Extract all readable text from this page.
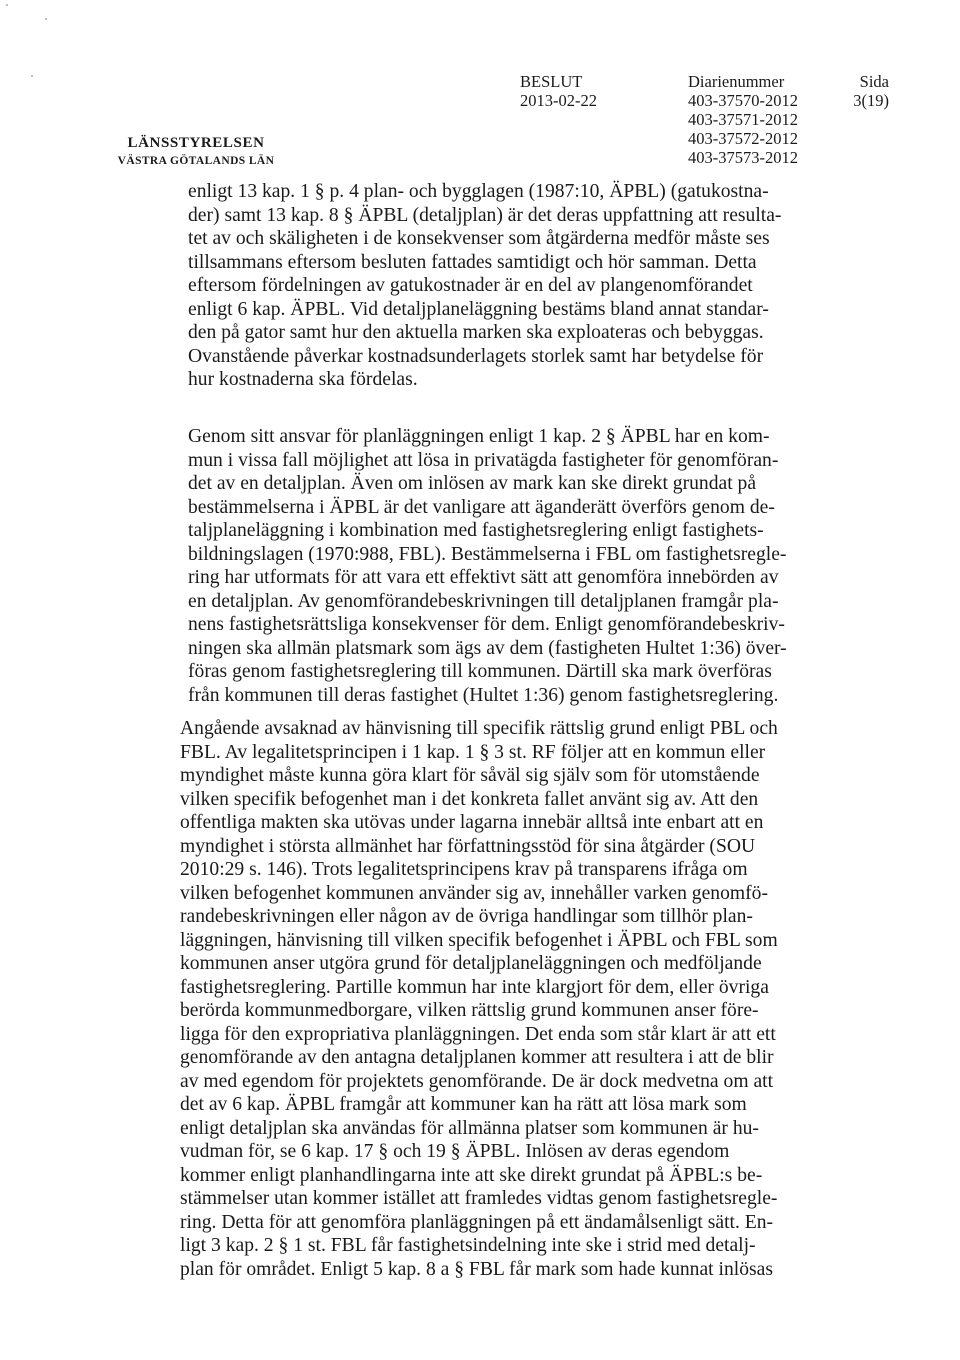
LÄNSSTYRELSEN
VÄSTRA GÖTALANDS LÄN
BESLUT
2013-02-22
Diarienummer
403-37570-2012
403-37571-2012
403-37572-2012
403-37573-2012
Sida
3(19)
enligt 13 kap. 1 § p. 4 plan- och bygglagen (1987:10, ÄPBL) (gatukostna-
der) samt 13 kap. 8 § ÄPBL (detaljplan) är det deras uppfattning att resulta-
tet av och skäligheten i de konsekvenser som åtgärderna medför måste ses
tillsammans eftersom besluten fattades samtidigt och hör samman. Detta
eftersom fördelningen av gatukostnader är en del av plangenomförandet
enligt 6 kap. ÄPBL. Vid detaljplaneläggning bestäms bland annat standar-
den på gator samt hur den aktuella marken ska exploateras och bebyggas.
Ovanstående påverkar kostnadsunderlagets storlek samt har betydelse för
hur kostnaderna ska fördelas.
Genom sitt ansvar för planläggningen enligt 1 kap. 2 § ÄPBL har en kom-
mun i vissa fall möjlighet att lösa in privatägda fastigheter för genomföran-
det av en detaljplan. Även om inlösen av mark kan ske direkt grundat på
bestämmelserna i ÄPBL är det vanligare att äganderätt överförs genom de-
taljplaneläggning i kombination med fastighetsreglering enligt fastighets-
bildningslagen (1970:988, FBL). Bestämmelserna i FBL om fastighetsregle-
ring har utformats för att vara ett effektivt sätt att genomföra innebörden av
en detaljplan. Av genomförandebeskrivningen till detaljplanen framgår pla-
nens fastighetsrättsliga konsekvenser för dem. Enligt genomförandebeskriv-
ningen ska allmän platsmark som ägs av dem (fastigheten Hultet 1:36) över-
föras genom fastighetsreglering till kommunen. Därtill ska mark överföras
från kommunen till deras fastighet (Hultet 1:36) genom fastighetsreglering.
Angående avsaknad av hänvisning till specifik rättslig grund enligt PBL och
FBL. Av legalitetsprincipen i 1 kap. 1 § 3 st. RF följer att en kommun eller
myndighet måste kunna göra klart för såväl sig själv som för utomstående
vilken specifik befogenhet man i det konkreta fallet använt sig av. Att den
offentliga makten ska utövas under lagarna innebär alltså inte enbart att en
myndighet i största allmänhet har författningsstöd för sina åtgärder (SOU
2010:29 s. 146). Trots legalitetsprincipens krav på transparens ifråga om
vilken befogenhet kommunen använder sig av, innehåller varken genomfö-
randebeskrivningen eller någon av de övriga handlingar som tillhör plan-
läggningen, hänvisning till vilken specifik befogenhet i ÄPBL och FBL som
kommunen anser utgöra grund för detaljplaneläggningen och medföljande
fastighetsreglering. Partille kommun har inte klargjort för dem, eller övriga
berörda kommunmedborgare, vilken rättslig grund kommunen anser före-
ligga för den expropriativa planläggningen. Det enda som står klart är att ett
genomförande av den antagna detaljplanen kommer att resultera i att de blir
av med egendom för projektets genomförande. De är dock medvetna om att
det av 6 kap. ÄPBL framgår att kommuner kan ha rätt att lösa mark som
enligt detaljplan ska användas för allmänna platser som kommunen är hu-
vudman för, se 6 kap. 17 § och 19 § ÄPBL. Inlösen av deras egendom
kommer enligt planhandlingarna inte att ske direkt grundat på ÄPBL:s be-
stämmelser utan kommer istället att framledes vidtas genom fastighetsregle-
ring. Detta för att genomföra planläggningen på ett ändamålsenligt sätt. En-
ligt 3 kap. 2 § 1 st. FBL får fastighetsindelning inte ske i strid med detalj-
plan för området. Enligt 5 kap. 8 a § FBL får mark som hade kunnat inlösas
